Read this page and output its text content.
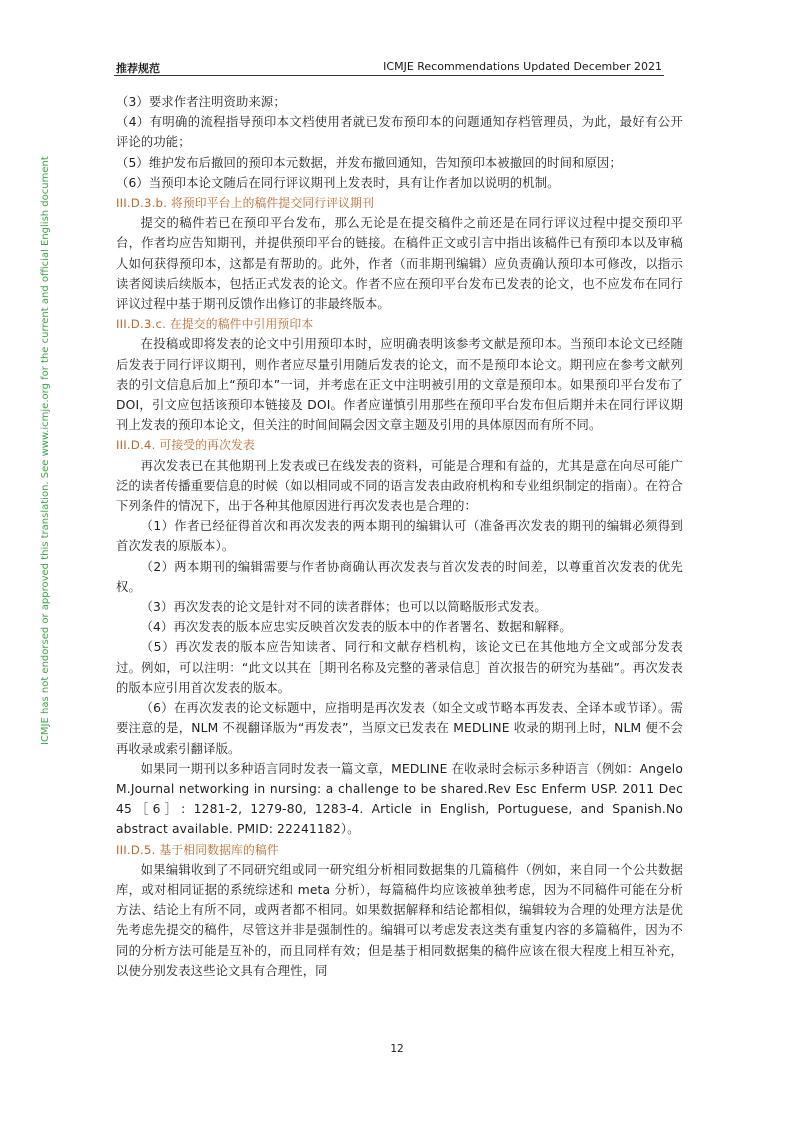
推荐规范	ICMJE Recommendations Updated December 2021
ICMJE has not endorsed or approved this translation. See www.icmje.org for the current and official English document

（3）要求作者注明资助来源；

（4）有明确的流程指导预印本文档使用者就已发布预印本的问题通知存档管理员，为此，最好有公开评论的功能；

（5）维护发布后撤回的预印本元数据，并发布撤回通知，告知预印本被撤回的时间和原因；

（6）当预印本论文随后在同行评议期刊上发表时，具有让作者加以说明的机制。

III.D.3.b. 将预印平台上的稿件提交同行评议期刊

提交的稿件若已在预印平台发布，那么无论是在提交稿件之前还是在同行评议过程中提交预印平台，作者均应告知期刊，并提供预印平台的链接。在稿件正文或引言中指出该稿件已有预印本以及审稿人如何获得预印本，这都是有帮助的。此外，作者（而非期刊编辑）应负责确认预印本可修改，以指示读者阅读后续版本，包括正式发表的论文。作者不应在预印平台发布已发表的论文，也不应发布在同行评议过程中基于期刊反馈作出修订的非最终版本。

III.D.3.c. 在提交的稿件中引用预印本

在投稿或即将发表的论文中引用预印本时，应明确表明该参考文献是预印本。当预印本论文已经随后发表于同行评议期刊，则作者应尽量引用随后发表的论文，而不是预印本论文。期刊应在参考文献列表的引文信息后加上“预印本”一词，并考虑在正文中注明被引用的文章是预印本。如果预印平台发布了 DOI，引文应包括该预印本链接及 DOI。作者应谨慎引用那些在预印平台发布但后期并未在同行评议期刊上发表的预印本论文，但关注的时间间隔会因文章主题及引用的具体原因而有所不同。

III.D.4. 可接受的再次发表

再次发表已在其他期刊上发表或已在线发表的资料，可能是合理和有益的，尤其是意在向尽可能广泛的读者传播重要信息的时候（如以相同或不同的语言发表由政府机构和专业组织制定的指南）。在符合下列条件的情况下，出于各种其他原因进行再次发表也是合理的：

（1）作者已经征得首次和再次发表的两本期刊的编辑认可（准备再次发表的期刊的编辑必须得到首次发表的原版本）。

（2）两本期刊的编辑需要与作者协商确认再次发表与首次发表的时间差，以尊重首次发表的优先权。

（3）再次发表的论文是针对不同的读者群体；也可以以简略版形式发表。

（4）再次发表的版本应忠实反映首次发表的版本中的作者署名、数据和解释。

（5）再次发表的版本应告知读者、同行和文献存档机构，该论文已在其他地方全文或部分发表过。例如，可以注明：“此文以其在［期刊名称及完整的著录信息］首次报告的研究为基础”。再次发表的版本应引用首次发表的版本。

（6）在再次发表的论文标题中，应指明是再次发表（如全文或节略本再发表、全译本或节译）。需要注意的是，NLM 不视翻译版为“再发表”，当原文已发表在 MEDLINE 收录的期刊上时，NLM 便不会再收录或索引翻译版。

如果同一期刊以多种语言同时发表一篇文章，MEDLINE 在收录时会标示多种语言（例如：Angelo M.Journal networking in nursing: a challenge to be shared.Rev Esc Enferm USP. 2011 Dec 45［6］: 1281-2, 1279-80, 1283-4. Article in English, Portuguese, and Spanish.No abstract available. PMID: 22241182）。

III.D.5. 基于相同数据库的稿件

如果编辑收到了不同研究组或同一研究组分析相同数据集的几篇稿件（例如，来自同一个公共数据库，或对相同证据的系统综述和 meta 分析），每篇稿件均应该被单独考虑，因为不同稿件可能在分析方法、结论上有所不同，或两者都不相同。如果数据解释和结论都相似，编辑较为合理的处理方法是优先考虑先提交的稿件，尽管这并非是强制性的。编辑可以考虑发表这类有重复内容的多篇稿件，因为不同的分析方法可能是互补的，而且同样有效；但是基于相同数据集的稿件应该在很大程度上相互补充，以使分别发表这些论文具有合理性，同

12
